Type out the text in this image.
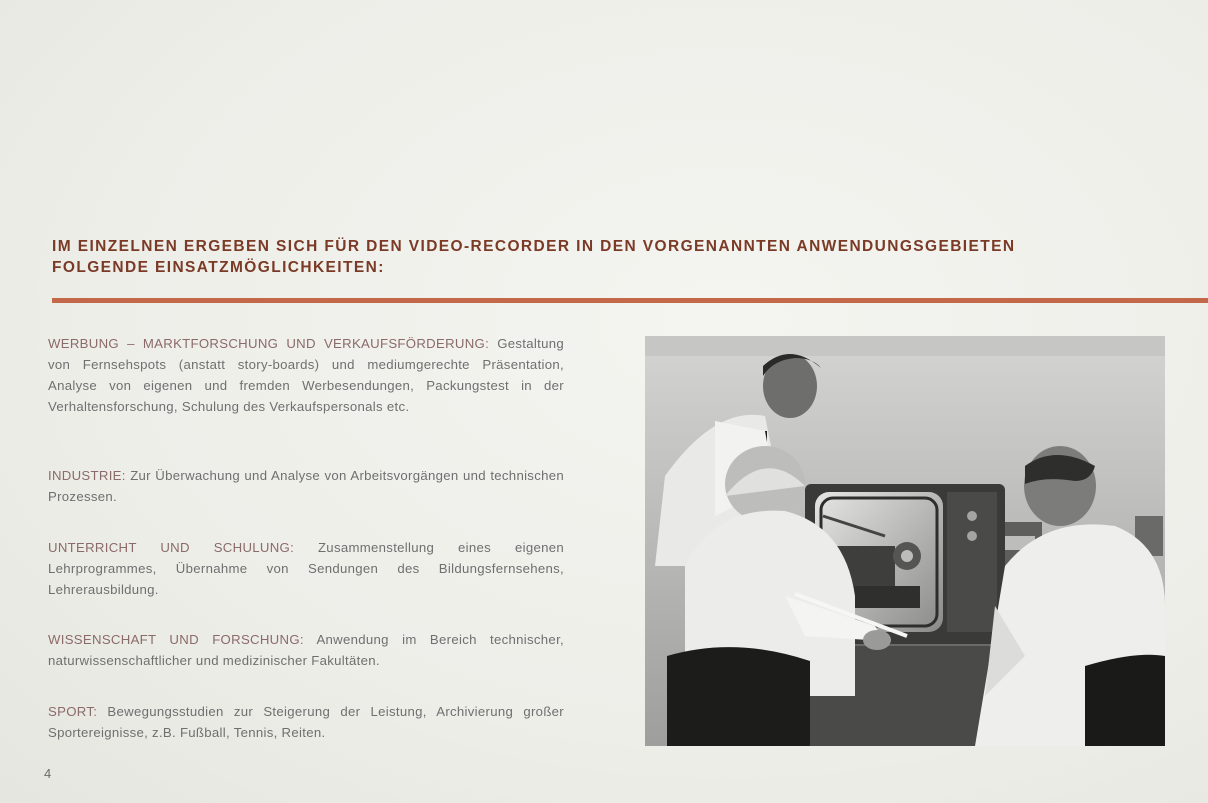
IM EINZELNEN ERGEBEN SICH FÜR DEN VIDEO-RECORDER IN DEN VORGENANNTEN ANWENDUNGSGEBIETEN
FOLGENDE EINSATZMÖGLICHKEITEN:
WERBUNG – MARKTFORSCHUNG UND VERKAUFSFÖRDERUNG: Gestaltung von Fernsehspots (anstatt story-boards) und mediumgerechte Präsentation, Analyse von eigenen und fremden Werbesendungen, Packungstest in der Verhaltensforschung, Schulung des Verkaufspersonals etc.
INDUSTRIE: Zur Überwachung und Analyse von Arbeitsvorgängen und technischen Prozessen.
UNTERRICHT UND SCHULUNG: Zusammenstellung eines eigenen Lehrprogrammes, Übernahme von Sendungen des Bildungsfernsehens, Lehrerausbildung.
WISSENSCHAFT UND FORSCHUNG: Anwendung im Bereich technischer, naturwissenschaftlicher und medizinischer Fakultäten.
SPORT: Bewegungsstudien zur Steigerung der Leistung, Archivierung großer Sportereignisse, z.B. Fußball, Tennis, Reiten.
4
